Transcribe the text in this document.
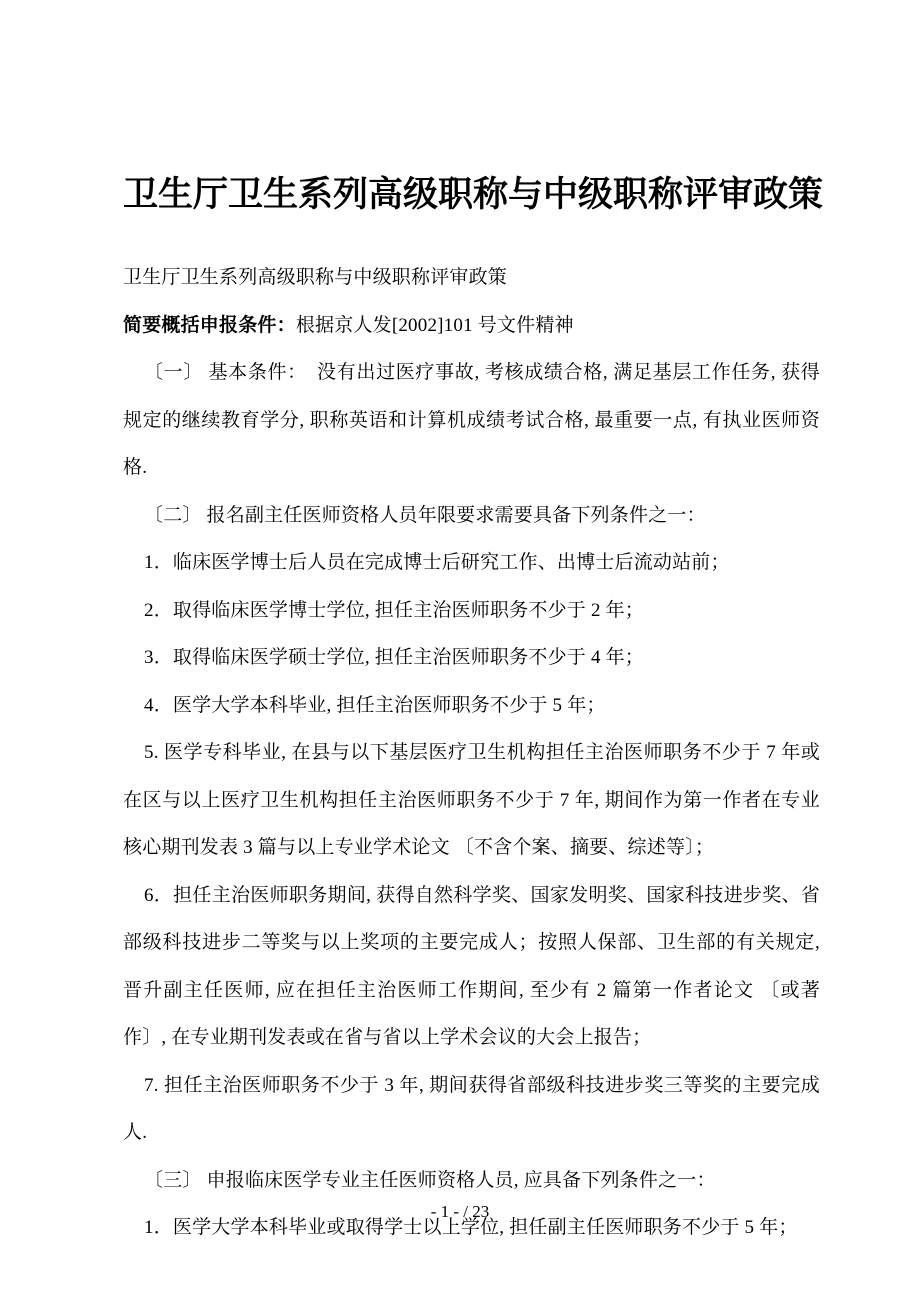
卫生厅卫生系列高级职称与中级职称评审政策

卫生厅卫生系列高级职称与中级职称评审政策

简要概括申报条件：根据京人发[2002]101 号文件精神

〔一〕 基本条件：　没有出过医疗事故, 考核成绩合格, 满足基层工作任务, 获得规定的继续教育学分, 职称英语和计算机成绩考试合格, 最重要一点, 有执业医师资格.

〔二〕 报名副主任医师资格人员年限要求需要具备下列条件之一：

1．临床医学博士后人员在完成博士后研究工作、出博士后流动站前；

2．取得临床医学博士学位, 担任主治医师职务不少于 2 年；

3．取得临床医学硕士学位, 担任主治医师职务不少于 4 年；

4．医学大学本科毕业, 担任主治医师职务不少于 5 年；

5. 医学专科毕业, 在县与以下基层医疗卫生机构担任主治医师职务不少于 7 年或在区与以上医疗卫生机构担任主治医师职务不少于 7 年, 期间作为第一作者在专业核心期刊发表 3 篇与以上专业学术论文 〔不含个案、摘要、综述等〕；

6．担任主治医师职务期间, 获得自然科学奖、国家发明奖、国家科技进步奖、省部级科技进步二等奖与以上奖项的主要完成人；按照人保部、卫生部的有关规定, 晋升副主任医师, 应在担任主治医师工作期间, 至少有 2 篇第一作者论文 〔或著作〕, 在专业期刊发表或在省与省以上学术会议的大会上报告；

7. 担任主治医师职务不少于 3 年, 期间获得省部级科技进步奖三等奖的主要完成人.

〔三〕 申报临床医学专业主任医师资格人员, 应具备下列条件之一：

1．医学大学本科毕业或取得学士以上学位, 担任副主任医师职务不少于 5 年；

- 1 - / 23
